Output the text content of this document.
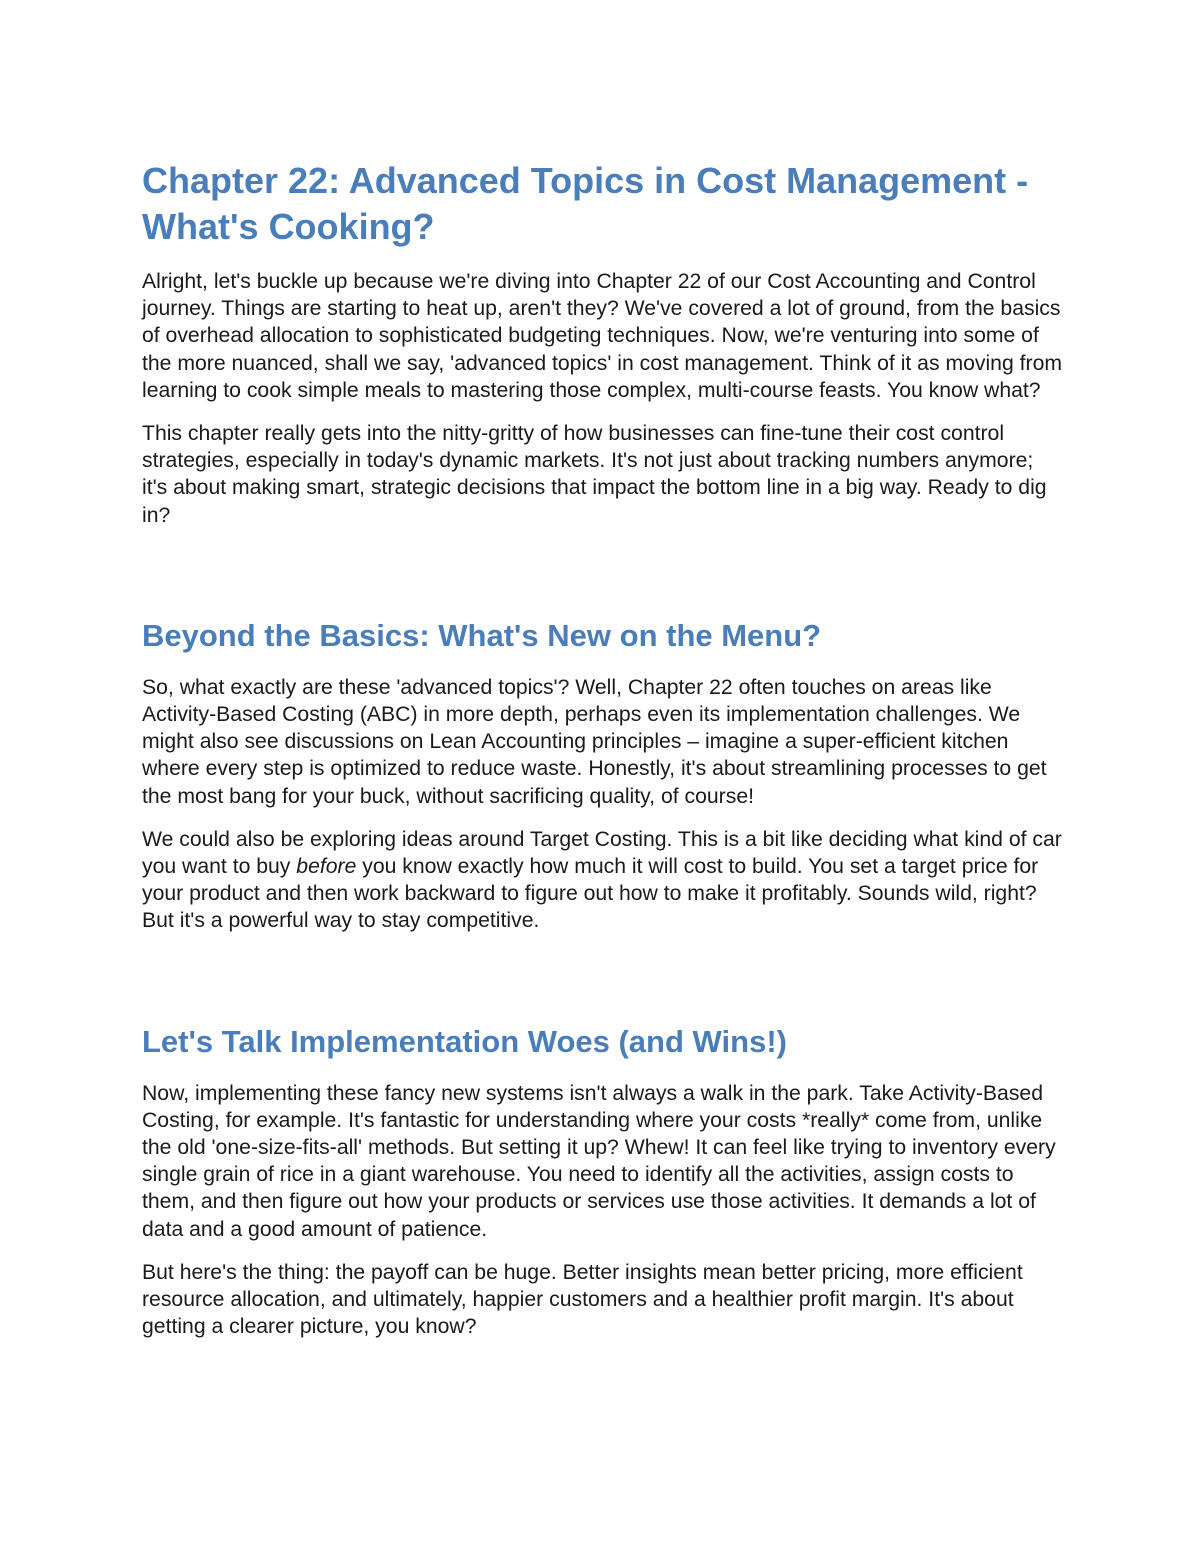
Chapter 22: Advanced Topics in Cost Management - What's Cooking?

Alright, let's buckle up because we're diving into Chapter 22 of our Cost Accounting and Control journey. Things are starting to heat up, aren't they? We've covered a lot of ground, from the basics of overhead allocation to sophisticated budgeting techniques. Now, we're venturing into some of the more nuanced, shall we say, 'advanced topics' in cost management. Think of it as moving from learning to cook simple meals to mastering those complex, multi-course feasts. You know what?

This chapter really gets into the nitty-gritty of how businesses can fine-tune their cost control strategies, especially in today's dynamic markets. It's not just about tracking numbers anymore; it's about making smart, strategic decisions that impact the bottom line in a big way. Ready to dig in?

Beyond the Basics: What's New on the Menu?

So, what exactly are these 'advanced topics'? Well, Chapter 22 often touches on areas like Activity-Based Costing (ABC) in more depth, perhaps even its implementation challenges. We might also see discussions on Lean Accounting principles – imagine a super-efficient kitchen where every step is optimized to reduce waste. Honestly, it's about streamlining processes to get the most bang for your buck, without sacrificing quality, of course!

We could also be exploring ideas around Target Costing. This is a bit like deciding what kind of car you want to buy before you know exactly how much it will cost to build. You set a target price for your product and then work backward to figure out how to make it profitably. Sounds wild, right? But it's a powerful way to stay competitive.

Let's Talk Implementation Woes (and Wins!)

Now, implementing these fancy new systems isn't always a walk in the park. Take Activity-Based Costing, for example. It's fantastic for understanding where your costs *really* come from, unlike the old 'one-size-fits-all' methods. But setting it up? Whew! It can feel like trying to inventory every single grain of rice in a giant warehouse. You need to identify all the activities, assign costs to them, and then figure out how your products or services use those activities. It demands a lot of data and a good amount of patience.

But here's the thing: the payoff can be huge. Better insights mean better pricing, more efficient resource allocation, and ultimately, happier customers and a healthier profit margin. It's about getting a clearer picture, you know?
